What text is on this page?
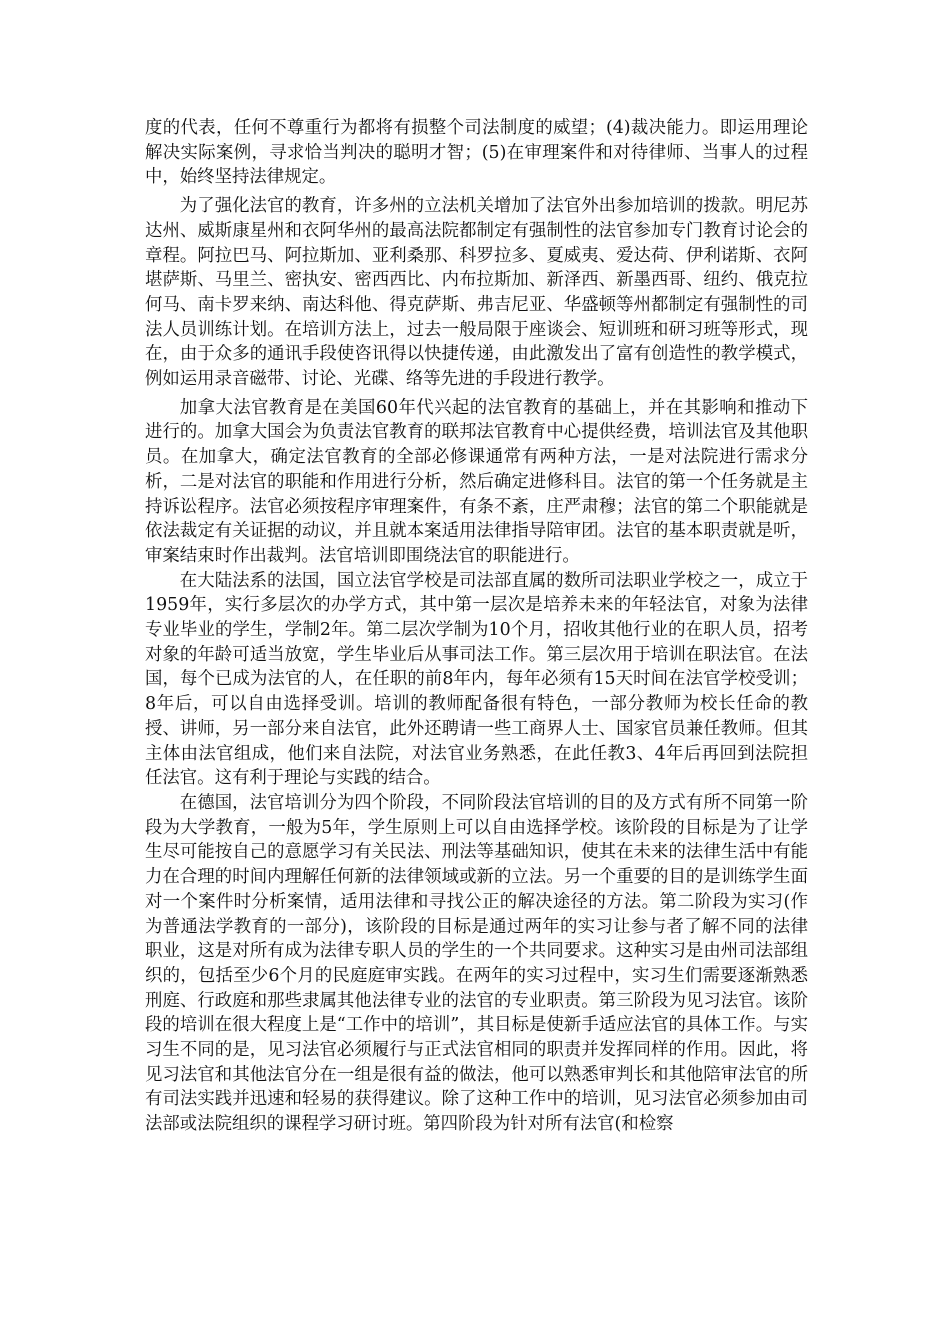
度的代表，任何不尊重行为都将有损整个司法制度的威望；(4)裁决能力。即运用理论解决实际案例，寻求恰当判决的聪明才智；(5)在审理案件和对待律师、当事人的过程中，始终坚持法律规定。

为了强化法官的教育，许多州的立法机关增加了法官外出参加培训的拨款。明尼苏达州、威斯康星州和衣阿华州的最高法院都制定有强制性的法官参加专门教育讨论会的章程。阿拉巴马、阿拉斯加、亚利桑那、科罗拉多、夏威夷、爱达荷、伊利诺斯、衣阿堪萨斯、马里兰、密执安、密西西比、内布拉斯加、新泽西、新墨西哥、纽约、俄克拉何马、南卡罗来纳、南达科他、得克萨斯、弗吉尼亚、华盛顿等州都制定有强制性的司法人员训练计划。在培训方法上，过去一般局限于座谈会、短训班和研习班等形式，现在，由于众多的通讯手段使咨讯得以快捷传递，由此激发出了富有创造性的教学模式，例如运用录音磁带、讨论、光碟、络等先进的手段进行教学。

加拿大法官教育是在美国60年代兴起的法官教育的基础上，并在其影响和推动下进行的。加拿大国会为负责法官教育的联邦法官教育中心提供经费，培训法官及其他职员。在加拿大，确定法官教育的全部必修课通常有两种方法，一是对法院进行需求分析，二是对法官的职能和作用进行分析，然后确定进修科目。法官的第一个任务就是主持诉讼程序。法官必须按程序审理案件，有条不紊，庄严肃穆；法官的第二个职能就是依法裁定有关证据的动议，并且就本案适用法律指导陪审团。法官的基本职责就是听，审案结束时作出裁判。法官培训即围绕法官的职能进行。

在大陆法系的法国，国立法官学校是司法部直属的数所司法职业学校之一，成立于1959年，实行多层次的办学方式，其中第一层次是培养未来的年轻法官，对象为法律专业毕业的学生，学制2年。第二层次学制为10个月，招收其他行业的在职人员，招考对象的年龄可适当放宽，学生毕业后从事司法工作。第三层次用于培训在职法官。在法国，每个已成为法官的人，在任职的前8年内，每年必须有15天时间在法官学校受训；8年后，可以自由选择受训。培训的教师配备很有特色，一部分教师为校长任命的教授、讲师，另一部分来自法官，此外还聘请一些工商界人士、国家官员兼任教师。但其主体由法官组成，他们来自法院，对法官业务熟悉，在此任教3、4年后再回到法院担任法官。这有利于理论与实践的结合。

在德国，法官培训分为四个阶段，不同阶段法官培训的目的及方式有所不同第一阶段为大学教育，一般为5年，学生原则上可以自由选择学校。该阶段的目标是为了让学生尽可能按自己的意愿学习有关民法、刑法等基础知识，使其在未来的法律生活中有能力在合理的时间内理解任何新的法律领域或新的立法。另一个重要的目的是训练学生面对一个案件时分析案情，适用法律和寻找公正的解决途径的方法。第二阶段为实习(作为普通法学教育的一部分)，该阶段的目标是通过两年的实习让参与者了解不同的法律职业，这是对所有成为法律专职人员的学生的一个共同要求。这种实习是由州司法部组织的，包括至少6个月的民庭庭审实践。在两年的实习过程中，实习生们需要逐渐熟悉刑庭、行政庭和那些隶属其他法律专业的法官的专业职责。第三阶段为见习法官。该阶段的培训在很大程度上是“工作中的培训”，其目标是使新手适应法官的具体工作。与实习生不同的是，见习法官必须履行与正式法官相同的职责并发挥同样的作用。因此，将见习法官和其他法官分在一组是很有益的做法，他可以熟悉审判长和其他陪审法官的所有司法实践并迅速和轻易的获得建议。除了这种工作中的培训，见习法官必须参加由司法部或法院组织的课程学习研讨班。第四阶段为针对所有法官(和检察
